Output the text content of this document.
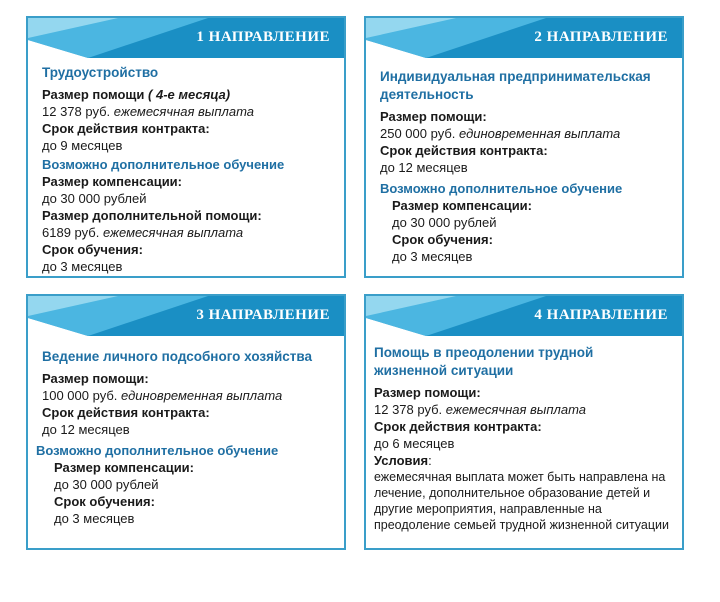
1 НАПРАВЛЕНИЕ
Трудоустройство
Размер помощи ( 4-е месяца)
12 378 руб. ежемесячная выплата
Срок действия контракта:
до 9 месяцев
Возможно дополнительное обучение
Размер компенсации:
до 30 000 рублей
Размер дополнительной помощи:
6189 руб. ежемесячная выплата
Срок обучения:
до 3 месяцев
2 НАПРАВЛЕНИЕ
Индивидуальная предпринимательская деятельность
Размер помощи:
250 000 руб. единовременная выплата
Срок действия контракта:
до 12 месяцев
Возможно дополнительное обучение
Размер компенсации:
до 30 000 рублей
Срок обучения:
до 3 месяцев
3 НАПРАВЛЕНИЕ
Ведение личного подсобного хозяйства
Размер помощи:
100 000 руб. единовременная выплата
Срок действия контракта:
до 12 месяцев
Возможно дополнительное обучение
Размер компенсации:
до 30 000 рублей
Срок обучения:
до 3 месяцев
4 НАПРАВЛЕНИЕ
Помощь в преодолении трудной жизненной ситуации
Размер помощи:
12 378 руб. ежемесячная выплата
Срок действия контракта:
до 6 месяцев
Условия:
ежемесячная выплата может быть направлена на лечение, дополнительное образование детей и другие мероприятия, направленные на преодоление семьей трудной жизненной ситуации
